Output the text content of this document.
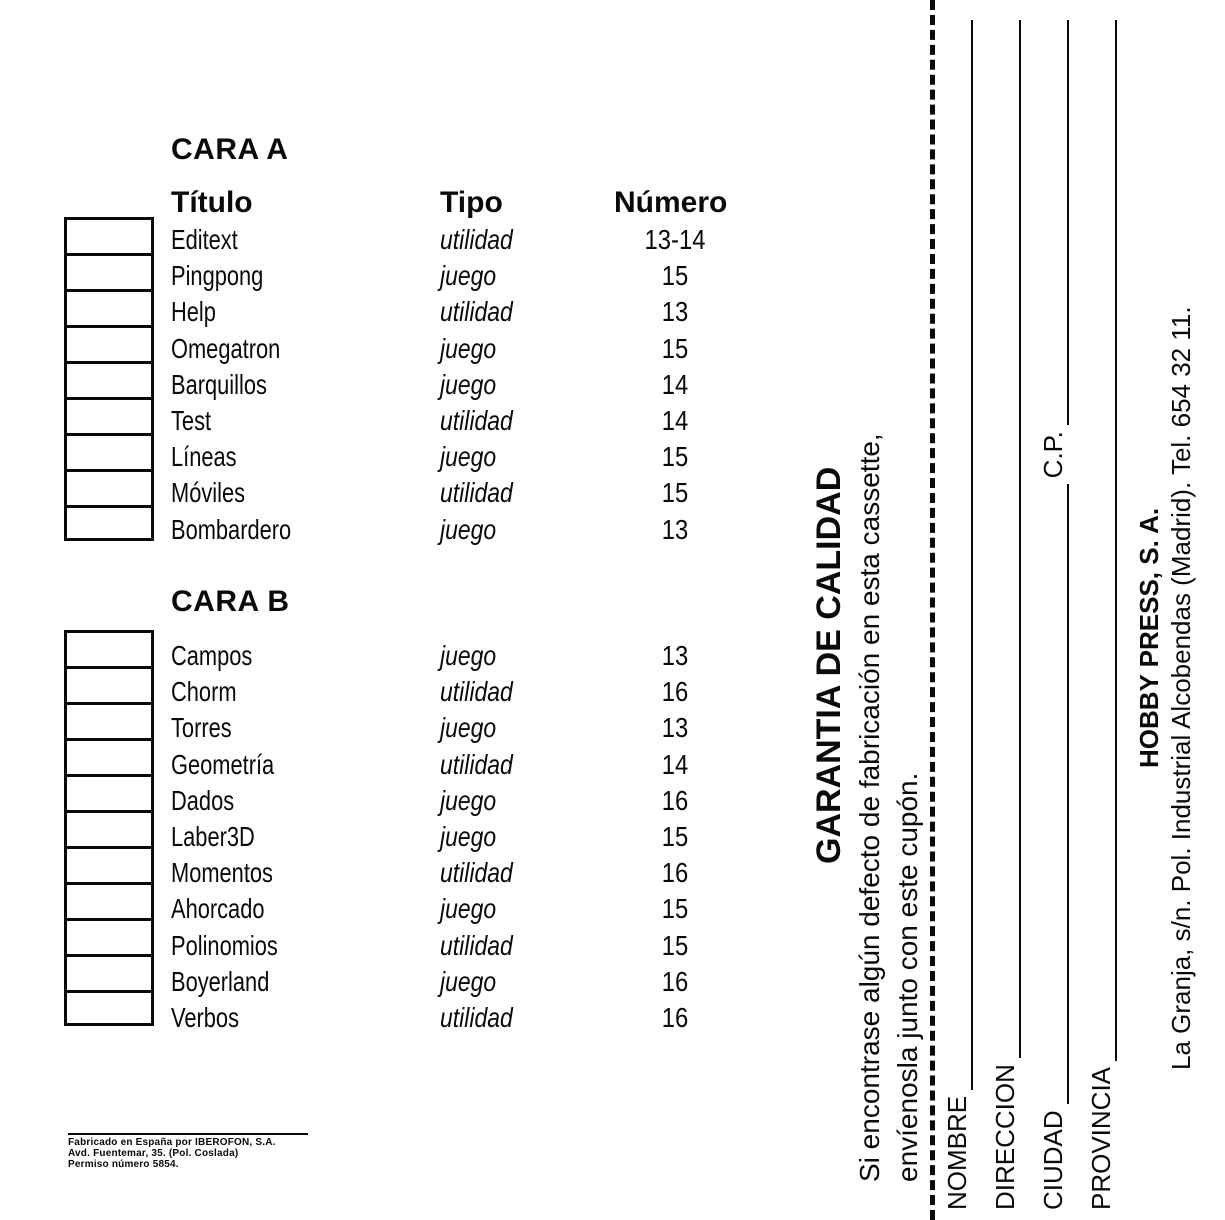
CARA A
Título	Tipo	Número
Editext	utilidad	13-14
Pingpong	juego	15
Help	utilidad	13
Omegatron	juego	15
Barquillos	juego	14
Test	utilidad	14
Líneas	juego	15
Móviles	utilidad	15
Bombardero	juego	13
CARA B
Campos	juego	13
Chorm	utilidad	16
Torres	juego	13
Geometría	utilidad	14
Dados	juego	16
Laber3D	juego	15
Momentos	utilidad	16
Ahorcado	juego	15
Polinomios	utilidad	15
Boyerland	juego	16
Verbos	utilidad	16
Fabricado en España por IBEROFON, S.A.
Avd. Fuentemar, 35. (Pol. Coslada)
Permiso número 5854.
GARANTIA DE CALIDAD Si encontrase algún defecto de fabricación en esta cassette, envíenosla junto con este cupón. NOMBRE DIRECCION CIUDAD
C.P.
PROVINCIA
HOBBY PRESS, S. A. La Granja, s/n. Pol. Industrial Alcobendas (Madrid). Tel. 654 32 11.
